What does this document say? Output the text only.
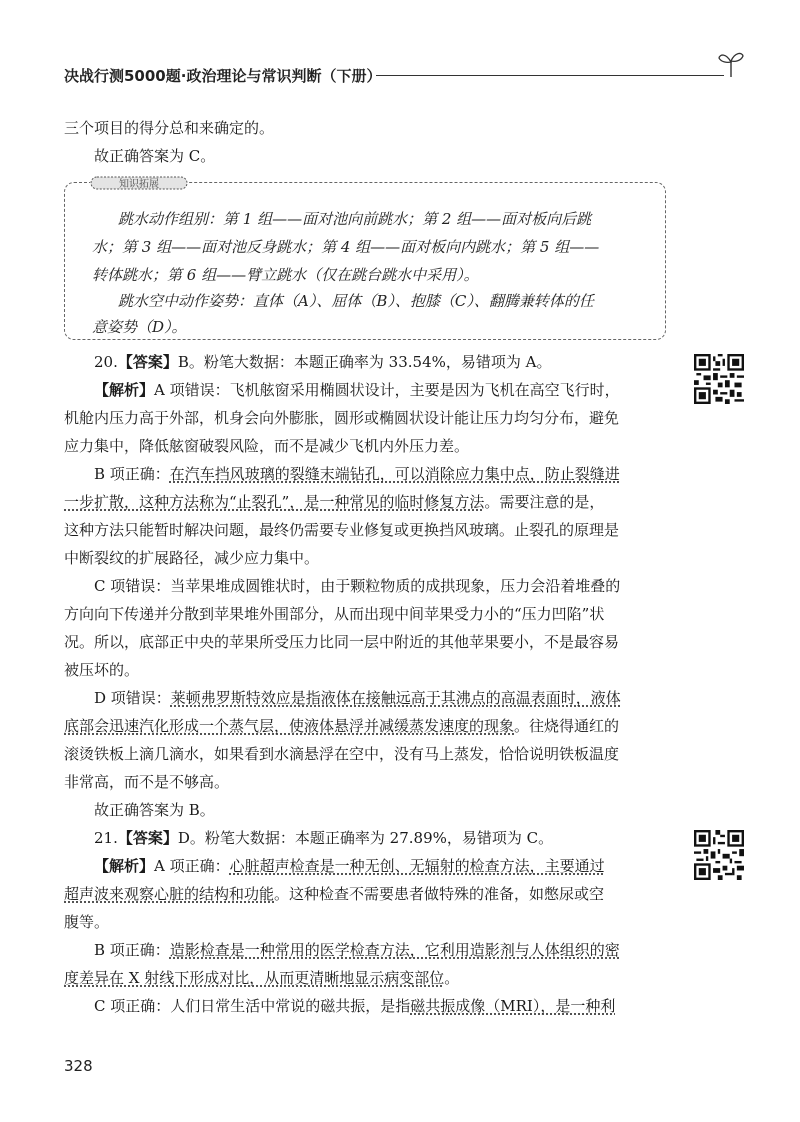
决战行测5000题·政治理论与常识判断（下册）
三个项目的得分总和来确定的。
故正确答案为 C。
知识拓展
跳水动作组别：第 1 组——面对池向前跳水；第 2 组——面对板向后跳
水；第 3 组——面对池反身跳水；第 4 组——面对板向内跳水；第 5 组——
转体跳水；第 6 组——臂立跳水（仅在跳台跳水中采用）。
跳水空中动作姿势：直体（A）、屈体（B）、抱膝（C）、翻腾兼转体的任
意姿势（D）。
20.【答案】B。粉笔大数据：本题正确率为 33.54%，易错项为 A。
【解析】A 项错误：飞机舷窗采用椭圆状设计，主要是因为飞机在高空飞行时，
机舱内压力高于外部，机身会向外膨胀，圆形或椭圆状设计能让压力均匀分布，避免
应力集中，降低舷窗破裂风险，而不是减少飞机内外压力差。
B 项正确：在汽车挡风玻璃的裂缝末端钻孔，可以消除应力集中点，防止裂缝进
一步扩散，这种方法称为“止裂孔”，是一种常见的临时修复方法。需要注意的是，
这种方法只能暂时解决问题，最终仍需要专业修复或更换挡风玻璃。止裂孔的原理是
中断裂纹的扩展路径，减少应力集中。
C 项错误：当苹果堆成圆锥状时，由于颗粒物质的成拱现象，压力会沿着堆叠的
方向向下传递并分散到苹果堆外围部分，从而出现中间苹果受力小的“压力凹陷”状
况。所以，底部正中央的苹果所受压力比同一层中附近的其他苹果要小，不是最容易
被压坏的。
D 项错误：莱顿弗罗斯特效应是指液体在接触远高于其沸点的高温表面时，液体
底部会迅速汽化形成一个蒸气层，使液体悬浮并减缓蒸发速度的现象。往烧得通红的
滚烫铁板上滴几滴水，如果看到水滴悬浮在空中，没有马上蒸发，恰恰说明铁板温度
非常高，而不是不够高。
故正确答案为 B。
21.【答案】D。粉笔大数据：本题正确率为 27.89%，易错项为 C。
【解析】A 项正确：心脏超声检查是一种无创、无辐射的检查方法，主要通过
超声波来观察心脏的结构和功能。这种检查不需要患者做特殊的准备，如憋尿或空
腹等。
B 项正确：造影检查是一种常用的医学检查方法，它利用造影剂与人体组织的密
度差异在 X 射线下形成对比，从而更清晰地显示病变部位。
C 项正确：人们日常生活中常说的磁共振，是指磁共振成像（MRI），是一种利
328
